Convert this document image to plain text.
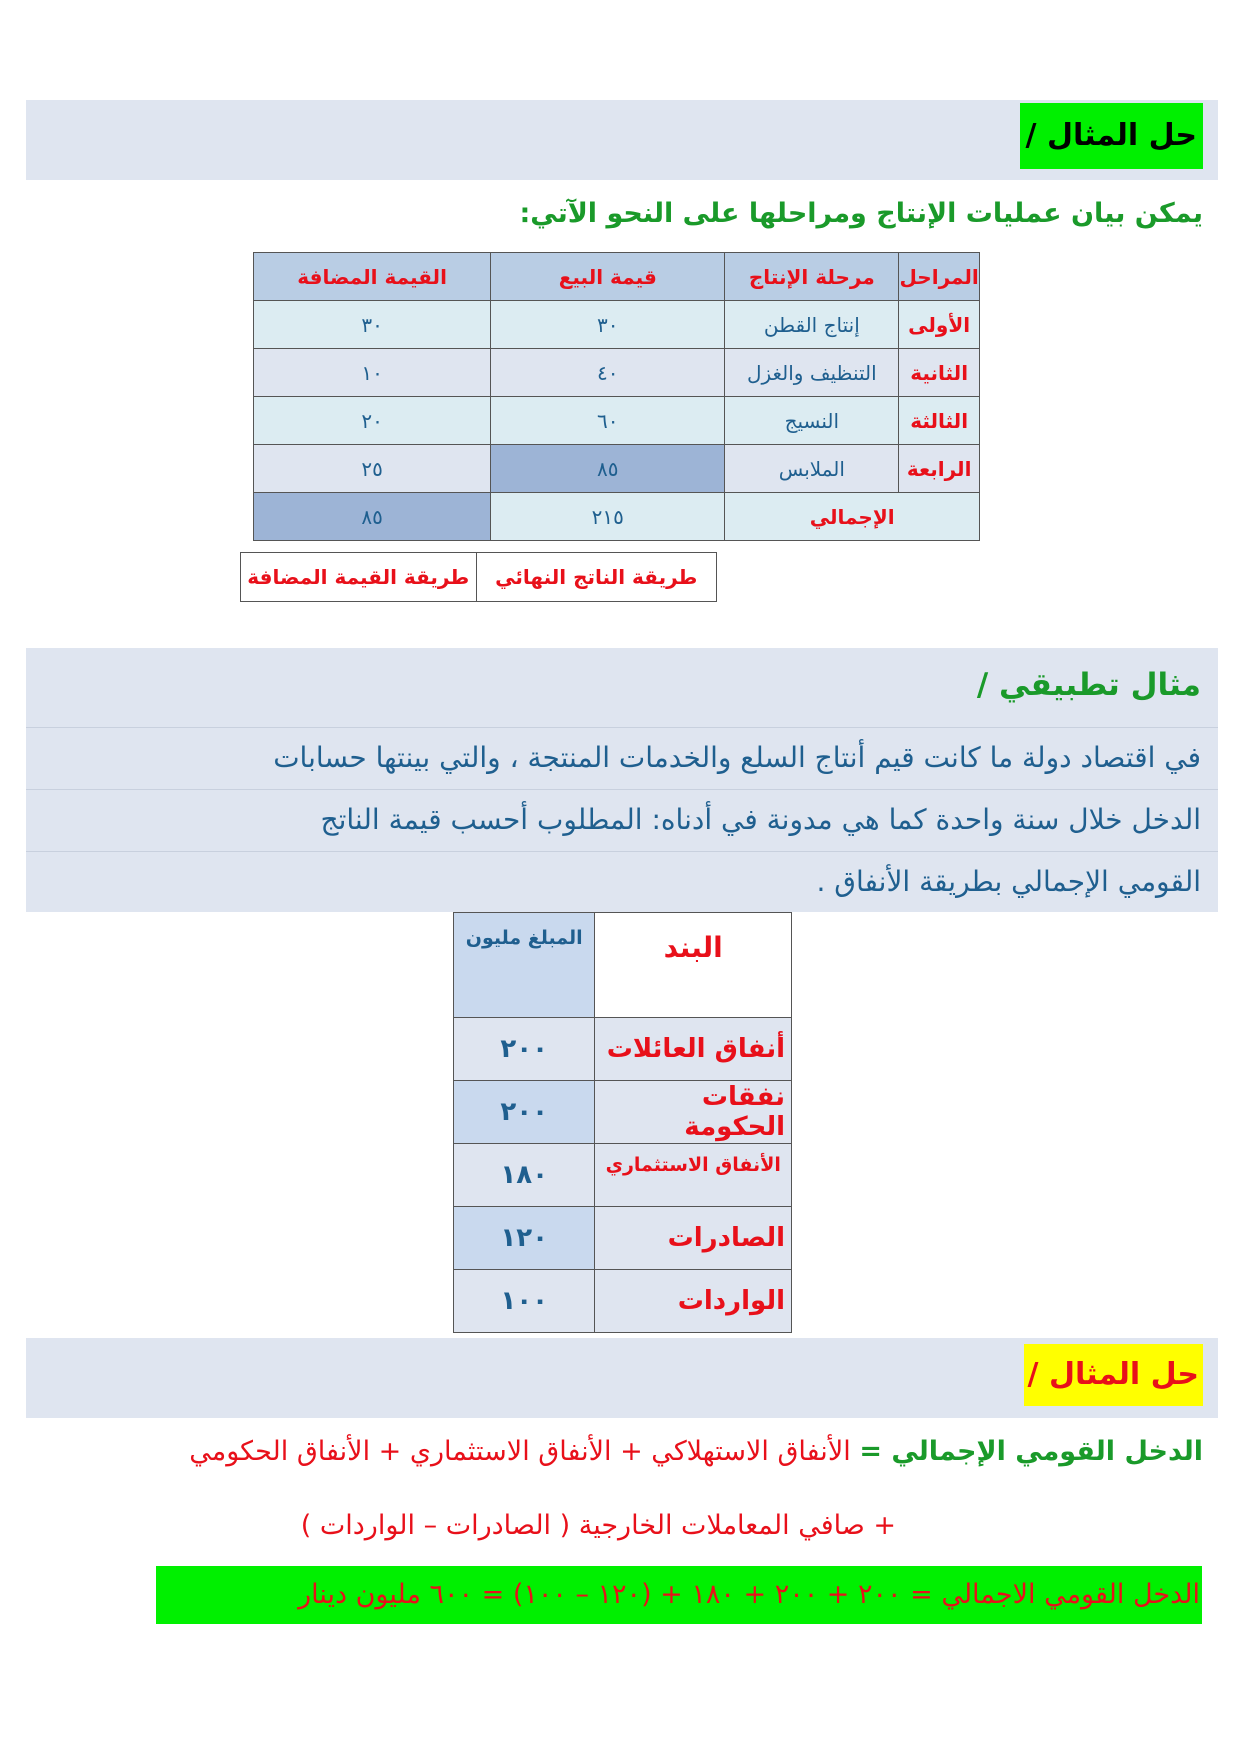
حل المثال /
يمكن بيان عمليات الإنتاج ومراحلها على النحو الآتي:
المراحل	مرحلة الإنتاج	قيمة البيع	القيمة المضافة
الأولى	إنتاج القطن	٣٠	٣٠
الثانية	التنظيف والغزل	٤٠	١٠
الثالثة	النسيج	٦٠	٢٠
الرابعة	الملابس	٨٥	٢٥
الإجمالي		٢١٥	٨٥
طريقة الناتج النهائي	طريقة القيمة المضافة
مثال تطبيقي /
في اقتصاد دولة ما كانت قيم أنتاج السلع والخدمات المنتجة ، والتي بينتها حسابات
الدخل خلال سنة واحدة كما هي مدونة في أدناه: المطلوب أحسب قيمة الناتج
القومي الإجمالي بطريقة الأنفاق .
البند	المبلغ مليون
أنفاق العائلات	٢٠٠
نفقات الحكومة	٢٠٠
الأنفاق الاستثماري	١٨٠
الصادرات	١٢٠
الواردات	١٠٠
حل المثال /
الدخل القومي الإجمالي = الأنفاق الاستهلاكي + الأنفاق الاستثماري + الأنفاق الحكومي
+ صافي المعاملات الخارجية ( الصادرات – الواردات )
الدخل القومي الاجمالي = ٢٠٠ + ٢٠٠ + ١٨٠ + (١٢٠ – ١٠٠) = ٦٠٠ مليون دينار
